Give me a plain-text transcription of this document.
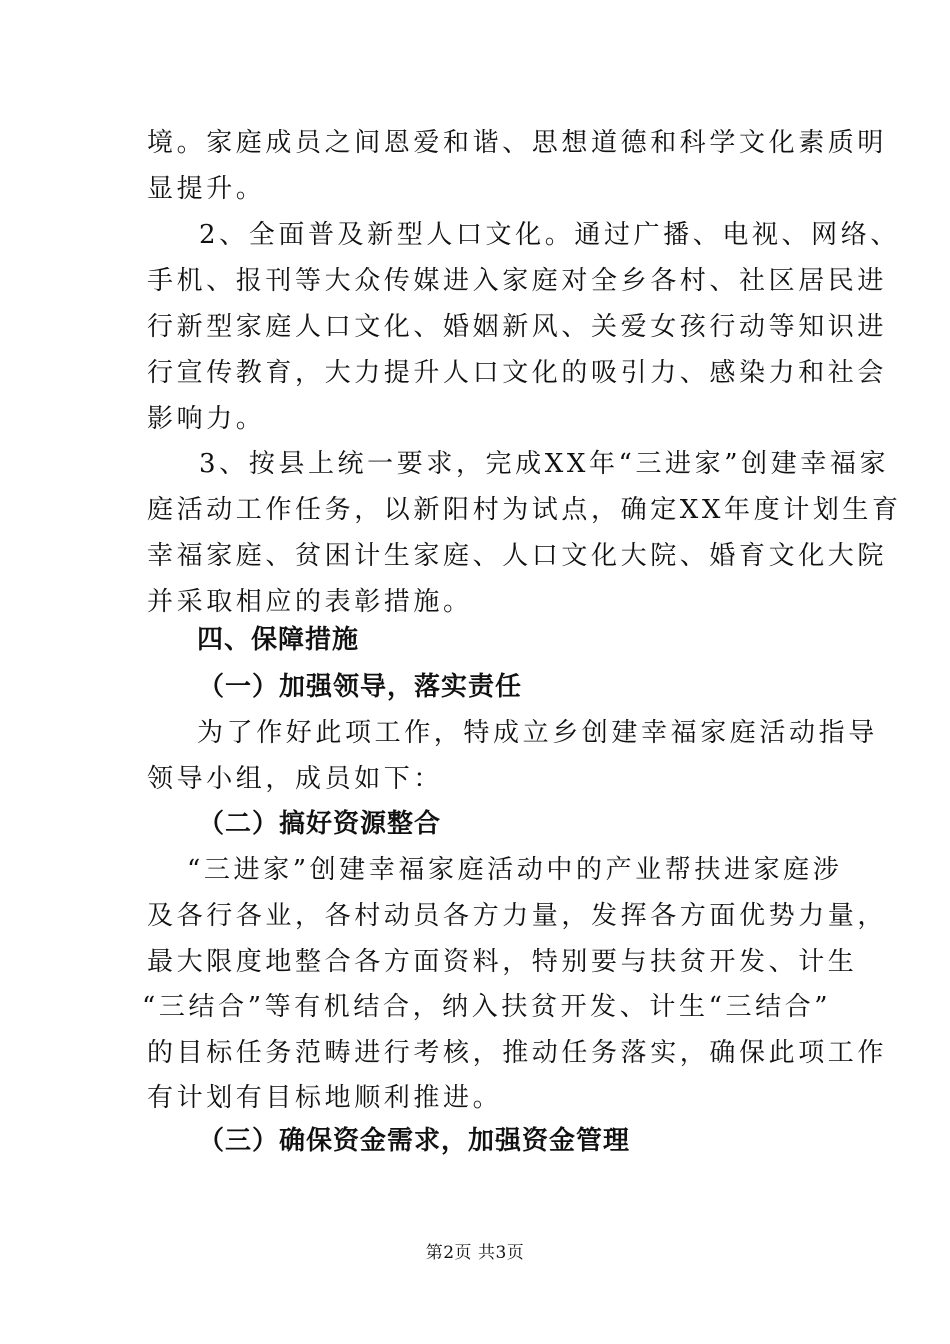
境。家庭成员之间恩爱和谐、思想道德和科学文化素质明
显提升。
2、全面普及新型人口文化。通过广播、电视、网络、
手机、报刊等大众传媒进入家庭对全乡各村、社区居民进
行新型家庭人口文化、婚姻新风、关爱女孩行动等知识进
行宣传教育，大力提升人口文化的吸引力、感染力和社会
影响力。
3、按县上统一要求，完成XX年“三进家”创建幸福家
庭活动工作任务，以新阳村为试点，确定XX年度计划生育
幸福家庭、贫困计生家庭、人口文化大院、婚育文化大院
并采取相应的表彰措施。
四、保障措施
（一）加强领导，落实责任
为了作好此项工作，特成立乡创建幸福家庭活动指导
领导小组，成员如下：
（二）搞好资源整合
“三进家”创建幸福家庭活动中的产业帮扶进家庭涉
及各行各业，各村动员各方力量，发挥各方面优势力量，
最大限度地整合各方面资料，特别要与扶贫开发、计生
“三结合”等有机结合，纳入扶贫开发、计生“三结合”
的目标任务范畴进行考核，推动任务落实，确保此项工作
有计划有目标地顺利推进。
（三）确保资金需求，加强资金管理
第2页 共3页
